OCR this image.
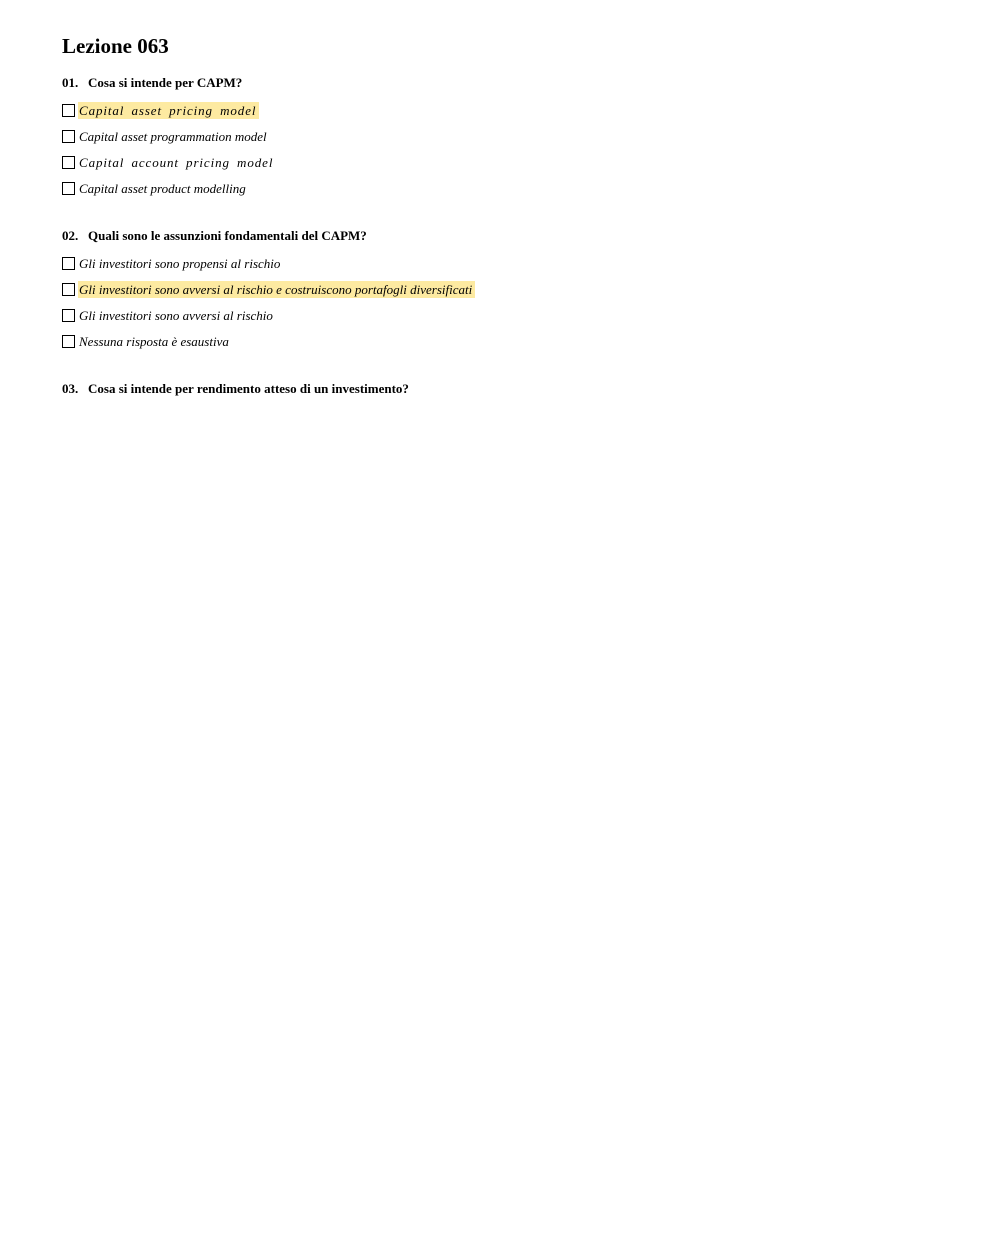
Lezione 063
01. Cosa si intende per CAPM?
Capital asset pricing model
Capital asset programmation model
Capital account pricing model
Capital asset product modelling
02. Quali sono le assunzioni fondamentali del CAPM?
Gli investitori sono propensi al rischio
Gli investitori sono avversi al rischio e costruiscono portafogli diversificati
Gli investitori sono avversi al rischio
Nessuna risposta è esaustiva
03. Cosa si intende per rendimento atteso di un investimento?
